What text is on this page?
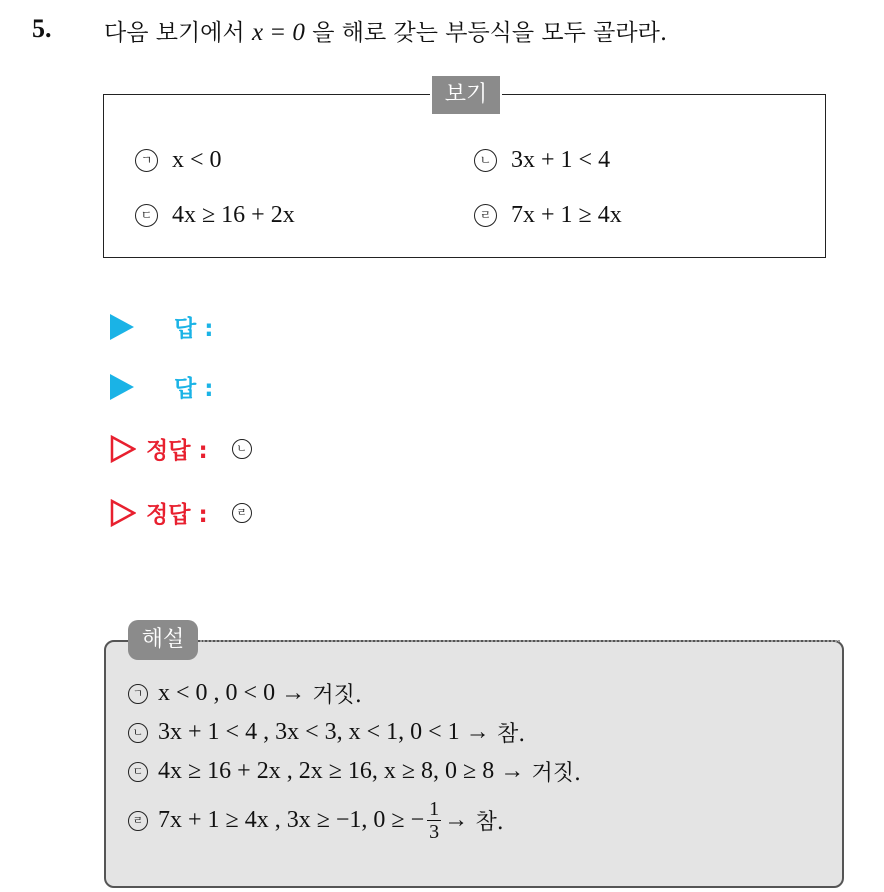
5. 다음 보기에서 x = 0 을 해로 갖는 부등식을 모두 골라라.
보기
ㄱ x < 0	ㄴ 3x + 1 < 4
ㄷ 4x ≥ 16 + 2x	ㄹ 7x + 1 ≥ 4x
답 :
답 :
정답 :	ㄴ
정답 :	ㄹ
해설
ㄱ x < 0 , 0 < 0 →
거짓.
ㄴ 3x + 1 < 4 , 3x < 3, x < 1, 0 < 1 →
참.
ㄷ 4x ≥ 16 + 2x , 2x ≥ 16, x ≥ 8, 0 ≥ 8 →
거짓.
ㄹ 7x + 1 ≥ 4x , 3x ≥ −1, 0 ≥ − $\frac{1}{3}$ →
참.
